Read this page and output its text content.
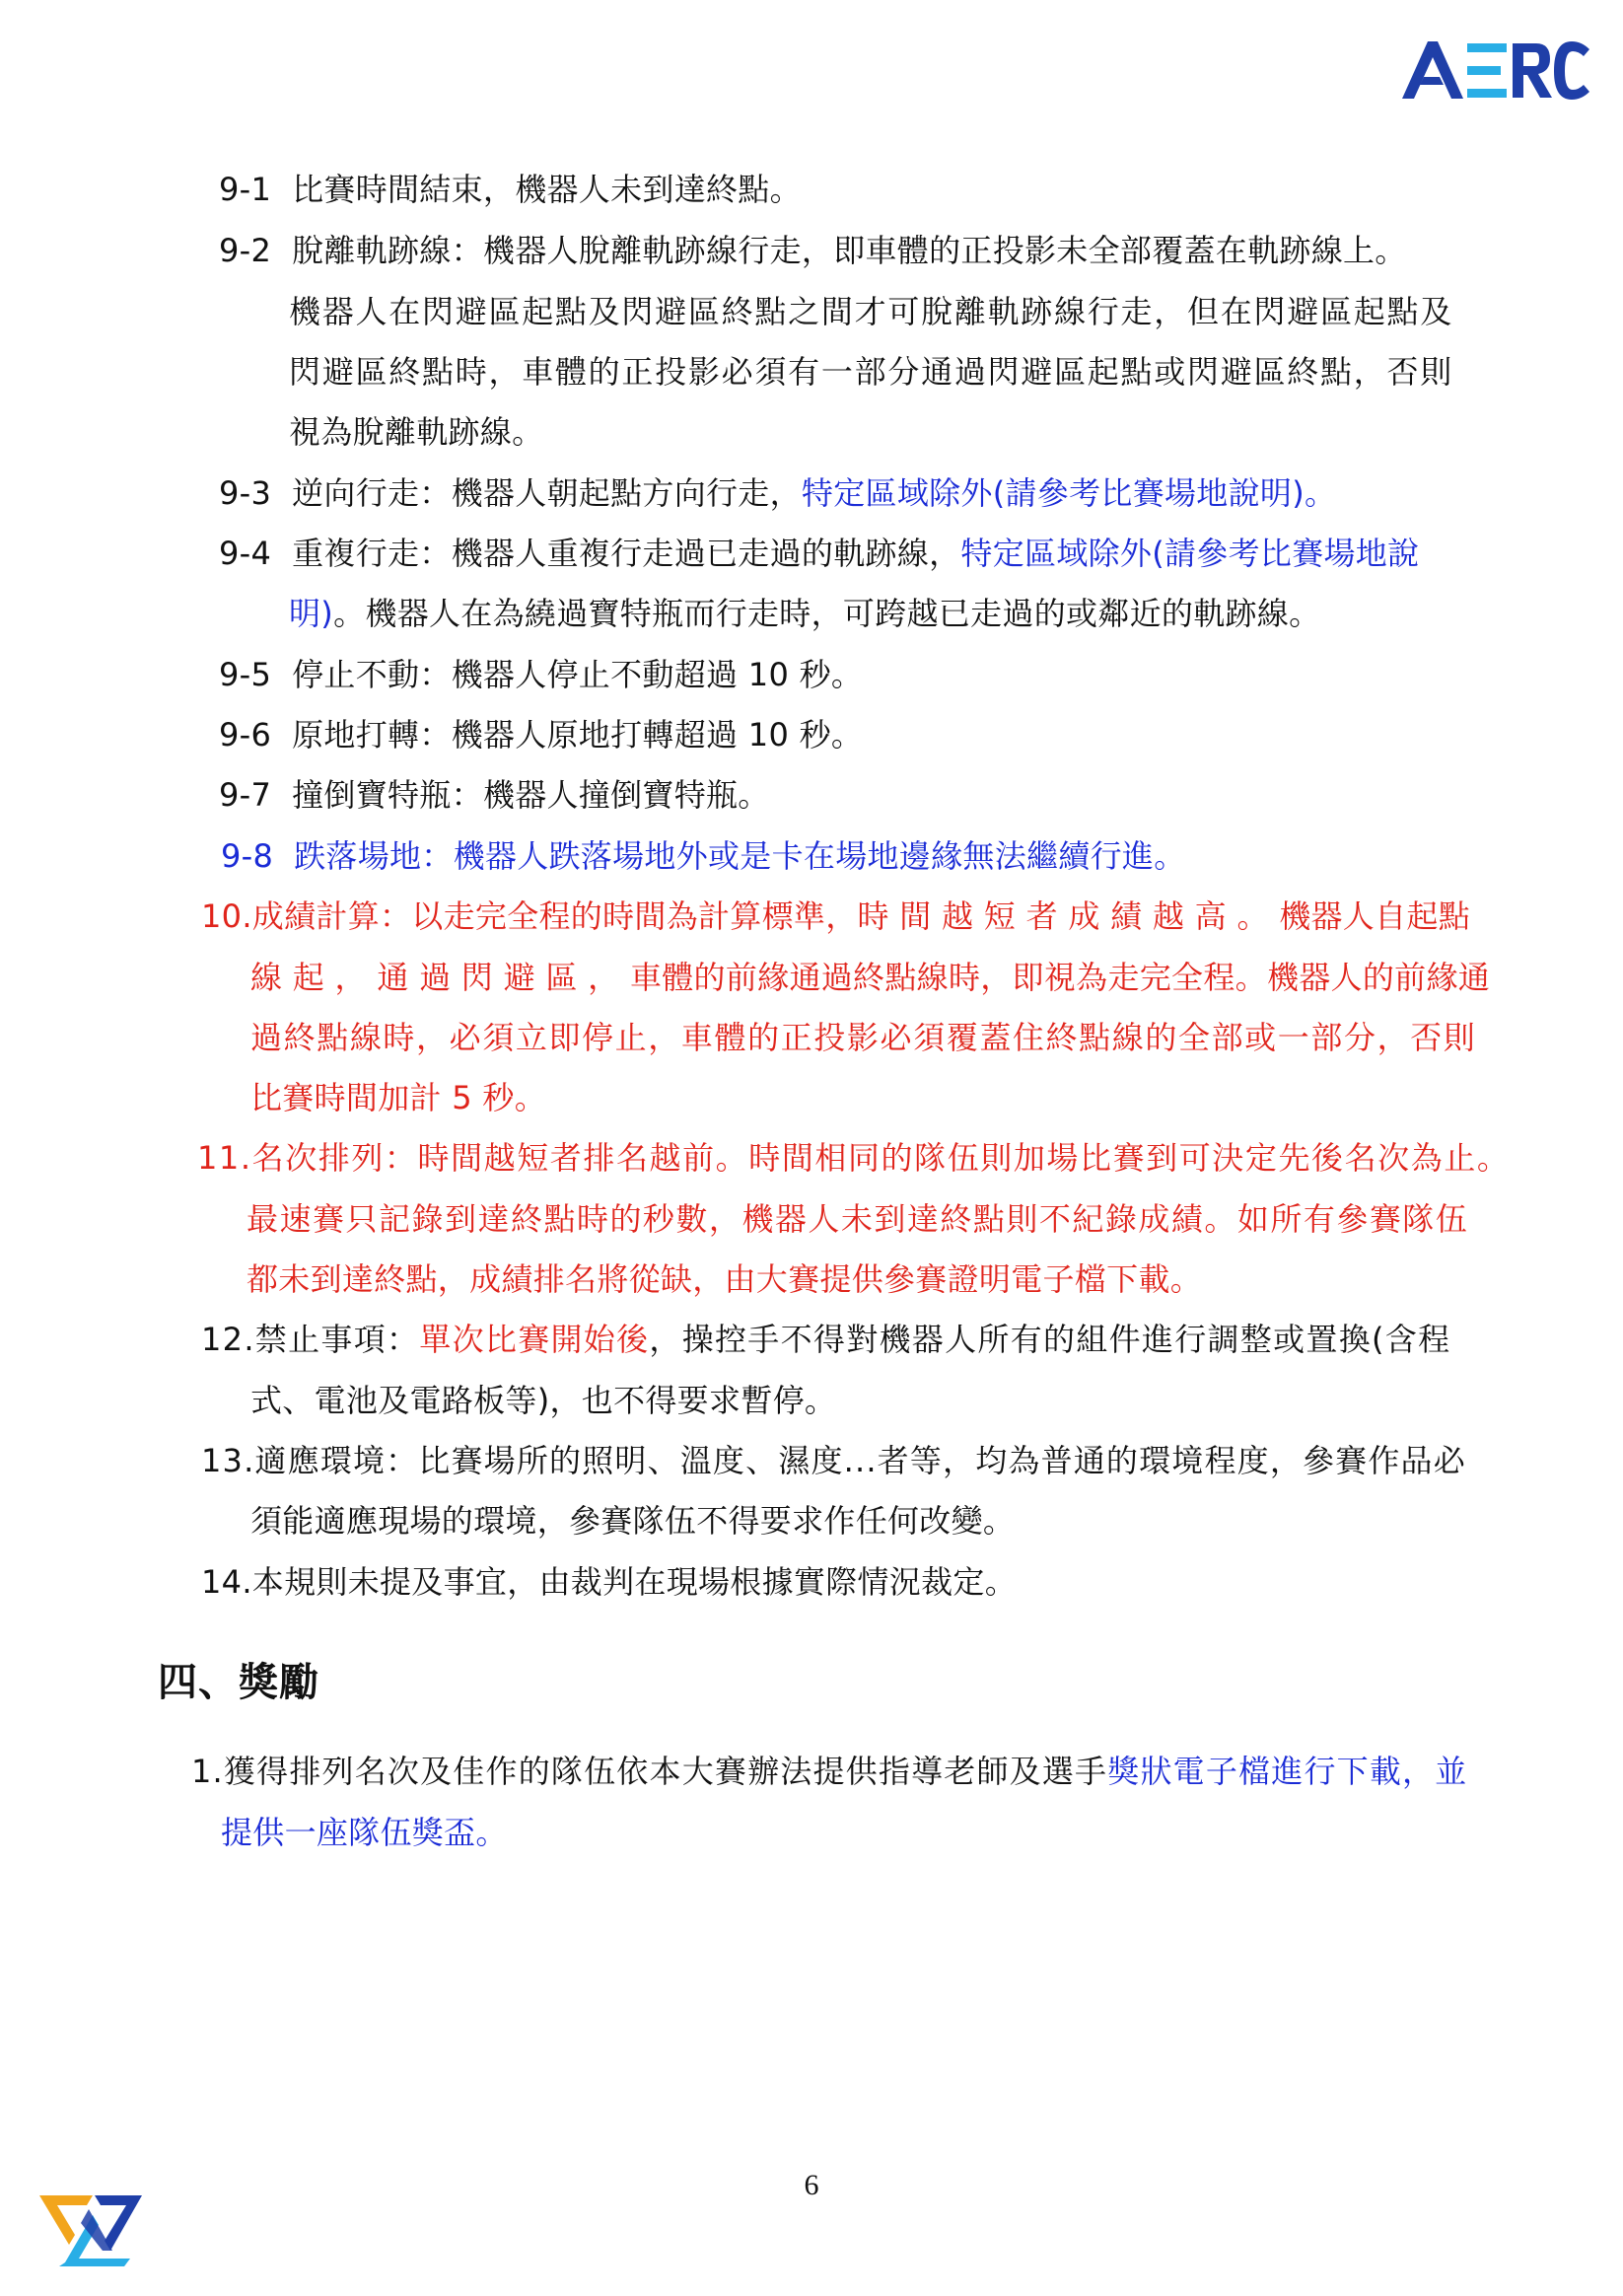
9-1  比賽時間結束，機器人未到達終點。
9-2  脫離軌跡線：機器人脫離軌跡線行走，即車體的正投影未全部覆蓋在軌跡線上。
機器人在閃避區起點及閃避區終點之間才可脫離軌跡線行走，但在閃避區起點及
閃避區終點時，車體的正投影必須有一部分通過閃避區起點或閃避區終點，否則
視為脫離軌跡線。
9-3  逆向行走：機器人朝起點方向行走，特定區域除外(請參考比賽場地說明)。
9-4  重複行走：機器人重複行走過已走過的軌跡線，特定區域除外(請參考比賽場地說
明)。機器人在為繞過寶特瓶而行走時，可跨越已走過的或鄰近的軌跡線。
9-5  停止不動：機器人停止不動超過 10 秒。
9-6  原地打轉：機器人原地打轉超過 10 秒。
9-7  撞倒寶特瓶：機器人撞倒寶特瓶。
9-8  跌落場地：機器人跌落場地外或是卡在場地邊緣無法繼續行進。
10.成績計算：以走完全程的時間為計算標準，時 間 越 短 者 成 績 越 高 。 機器人自起點
線 起 ， 通 過 閃 避 區 ， 車體的前緣通過終點線時，即視為走完全程。機器人的前緣通
過終點線時，必須立即停止，車體的正投影必須覆蓋住終點線的全部或一部分，否則
比賽時間加計 5 秒。
11.名次排列：時間越短者排名越前。時間相同的隊伍則加場比賽到可決定先後名次為止。
最速賽只記錄到達終點時的秒數，機器人未到達終點則不紀錄成績。如所有參賽隊伍
都未到達終點，成績排名將從缺，由大賽提供參賽證明電子檔下載。
12.禁止事項：單次比賽開始後，操控手不得對機器人所有的組件進行調整或置換(含程
式、電池及電路板等)，也不得要求暫停。
13.適應環境：比賽場所的照明、溫度、濕度...者等，均為普通的環境程度，參賽作品必
須能適應現場的環境，參賽隊伍不得要求作任何改變。
14.本規則未提及事宜，由裁判在現場根據實際情況裁定。
四、獎勵
1.獲得排列名次及佳作的隊伍依本大賽辦法提供指導老師及選手獎狀電子檔進行下載，並
提供一座隊伍獎盃。
6
